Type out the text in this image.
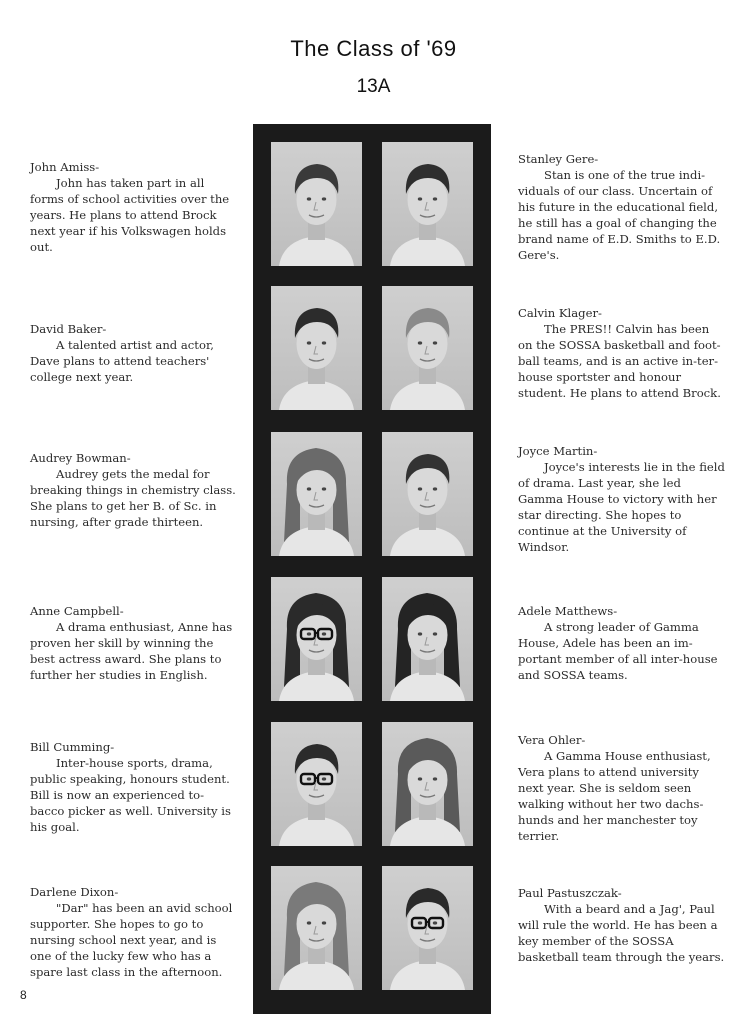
The Class of '69
13A
John Amiss-
John has taken part in all forms of school activities over the years. He plans to attend Brock next year if his Volkswagen holds out.
David Baker-
A talented artist and actor, Dave plans to attend teachers' college next year.
Audrey Bowman-
Audrey gets the medal for breaking things in chemistry class. She plans to get her B. of Sc. in nursing, after grade thirteen.
Anne Campbell-
A drama enthusiast, Anne has proven her skill by winning the best actress award. She plans to further her studies in English.
Bill Cumming-
Inter-house sports, drama, public speaking, honours student. Bill is now an experienced to-bacco picker as well. University is his goal.
Darlene Dixon-
"Dar" has been an avid school supporter. She hopes to go to nursing school next year, and is one of the lucky few who has a spare last class in the afternoon.
Stanley Gere-
Stan is one of the true indi-viduals of our class. Uncertain of his future in the educational field, he still has a goal of changing the brand name of E.D. Smiths to E.D. Gere's.
Calvin Klager-
The PRES!! Calvin has been on the SOSSA basketball and foot-ball teams, and is an active in-ter-house sportster and honour student. He plans to attend Brock.
Joyce Martin-
Joyce's interests lie in the field of drama. Last year, she led Gamma House to victory with her star directing. She hopes to continue at the University of Windsor.
Adele Matthews-
A strong leader of Gamma House, Adele has been an im-portant member of all inter-house and SOSSA teams.
Vera Ohler-
A Gamma House enthusiast, Vera plans to attend university next year. She is seldom seen walking without her two dachs-hunds and her manchester toy terrier.
Paul Pastuszczak-
With a beard and a Jag', Paul will rule the world. He has been a key member of the SOSSA basketball team through the years.
8
